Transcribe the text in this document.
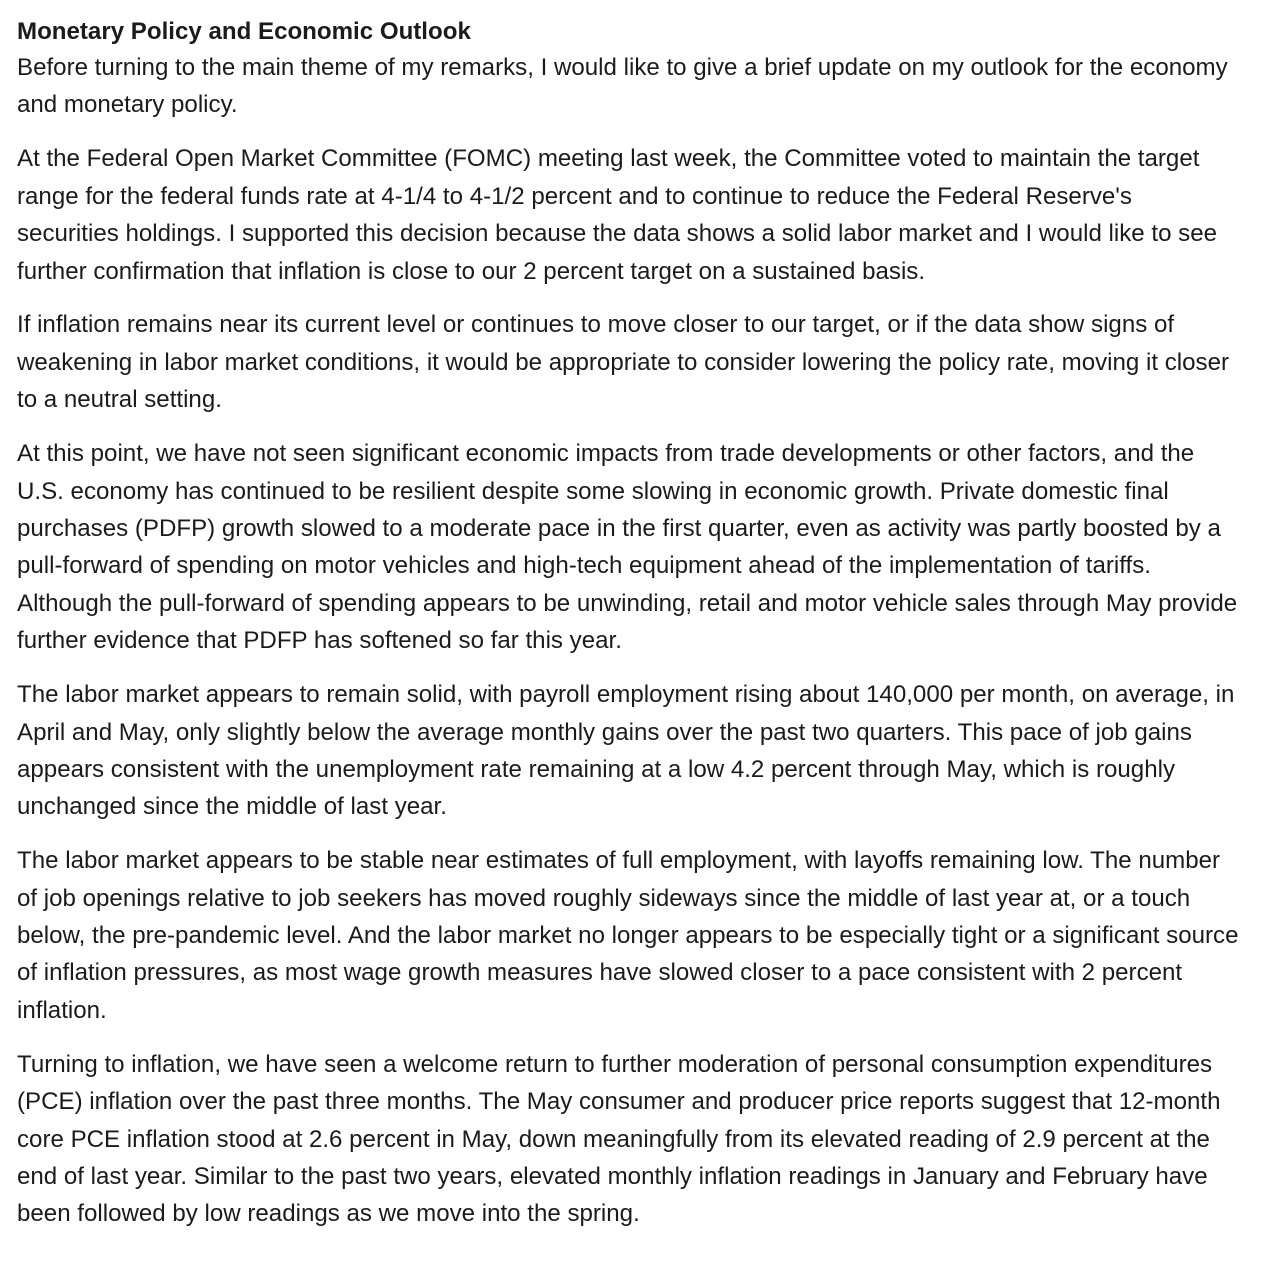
Monetary Policy and Economic Outlook

Before turning to the main theme of my remarks, I would like to give a brief update on my outlook for the economy and monetary policy.

At the Federal Open Market Committee (FOMC) meeting last week, the Committee voted to maintain the target range for the federal funds rate at 4-1/4 to 4-1/2 percent and to continue to reduce the Federal Reserve's securities holdings. I supported this decision because the data shows a solid labor market and I would like to see further confirmation that inflation is close to our 2 percent target on a sustained basis.

If inflation remains near its current level or continues to move closer to our target, or if the data show signs of weakening in labor market conditions, it would be appropriate to consider lowering the policy rate, moving it closer to a neutral setting.

At this point, we have not seen significant economic impacts from trade developments or other factors, and the U.S. economy has continued to be resilient despite some slowing in economic growth. Private domestic final purchases (PDFP) growth slowed to a moderate pace in the first quarter, even as activity was partly boosted by a pull-forward of spending on motor vehicles and high-tech equipment ahead of the implementation of tariffs. Although the pull-forward of spending appears to be unwinding, retail and motor vehicle sales through May provide further evidence that PDFP has softened so far this year.

The labor market appears to remain solid, with payroll employment rising about 140,000 per month, on average, in April and May, only slightly below the average monthly gains over the past two quarters. This pace of job gains appears consistent with the unemployment rate remaining at a low 4.2 percent through May, which is roughly unchanged since the middle of last year.

The labor market appears to be stable near estimates of full employment, with layoffs remaining low. The number of job openings relative to job seekers has moved roughly sideways since the middle of last year at, or a touch below, the pre-pandemic level. And the labor market no longer appears to be especially tight or a significant source of inflation pressures, as most wage growth measures have slowed closer to a pace consistent with 2 percent inflation.

Turning to inflation, we have seen a welcome return to further moderation of personal consumption expenditures (PCE) inflation over the past three months. The May consumer and producer price reports suggest that 12-month core PCE inflation stood at 2.6 percent in May, down meaningfully from its elevated reading of 2.9 percent at the end of last year. Similar to the past two years, elevated monthly inflation readings in January and February have been followed by low readings as we move into the spring.
